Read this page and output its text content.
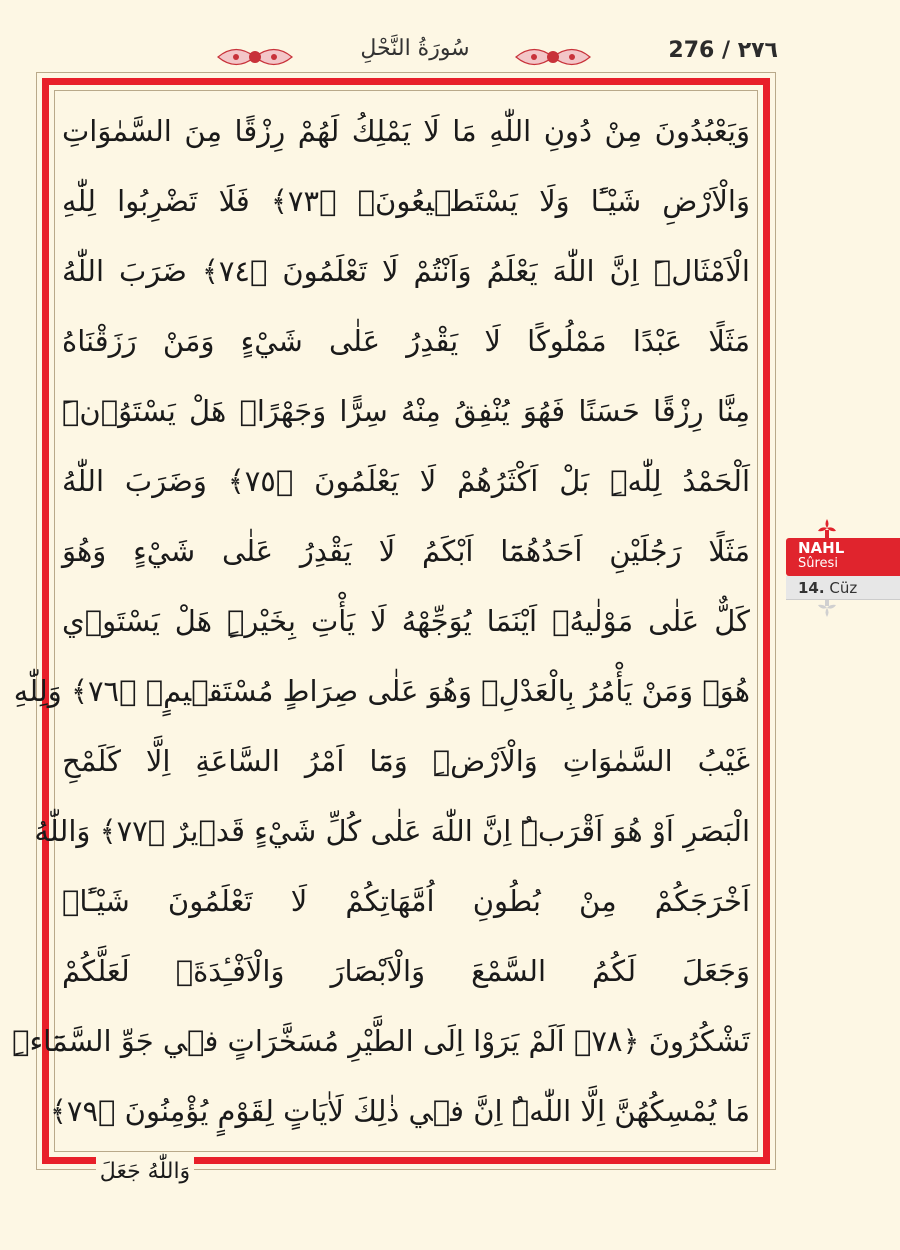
سُورَةُ النَّحْلِ	276 / ٢٧٦
وَيَعْبُدُونَ مِنْ دُونِ اللّٰهِ مَا لَا يَمْلِكُ لَهُمْ رِزْقًا مِنَ السَّمٰوَاتِ
وَالْاَرْضِ شَيْـًٔا وَلَا يَسْتَط۪يعُونَۚ ﴿٧٣﴾ فَلَا تَضْرِبُوا لِلّٰهِ
الْاَمْثَالَۜ اِنَّ اللّٰهَ يَعْلَمُ وَاَنْتُمْ لَا تَعْلَمُونَ ﴿٧٤﴾ ضَرَبَ اللّٰهُ
مَثَلًا عَبْدًا مَمْلُوكًا لَا يَقْدِرُ عَلٰى شَيْءٍ وَمَنْ رَزَقْنَاهُ
مِنَّا رِزْقًا حَسَنًا فَهُوَ يُنْفِقُ مِنْهُ سِرًّا وَجَهْرًاۜ هَلْ يَسْتَوُ۫نَۜ
اَلْحَمْدُ لِلّٰهِۜ بَلْ اَكْثَرُهُمْ لَا يَعْلَمُونَ ﴿٧٥﴾ وَضَرَبَ اللّٰهُ
مَثَلًا رَجُلَيْنِ اَحَدُهُمَٓا اَبْكَمُ لَا يَقْدِرُ عَلٰى شَيْءٍ وَهُوَ
كَلٌّ عَلٰى مَوْلٰيهُۙ اَيْنَمَا يُوَجِّهْهُ لَا يَأْتِ بِخَيْرٍۜ هَلْ يَسْتَو۪ي
هُوَۙ وَمَنْ يَأْمُرُ بِالْعَدْلِۙ وَهُوَ عَلٰى صِرَاطٍ مُسْتَق۪يمٍ۟ ﴿٧٦﴾ وَلِلّٰهِ
غَيْبُ السَّمٰوَاتِ وَالْاَرْضِۜ وَمَٓا اَمْرُ السَّاعَةِ اِلَّا كَلَمْحِ
الْبَصَرِ اَوْ هُوَ اَقْرَبُۜ اِنَّ اللّٰهَ عَلٰى كُلِّ شَيْءٍ قَد۪يرٌ ﴿٧٧﴾ وَاللّٰهُ
اَخْرَجَكُمْ مِنْ بُطُونِ اُمَّهَاتِكُمْ لَا تَعْلَمُونَ شَيْـًٔاۙ
وَجَعَلَ لَكُمُ السَّمْعَ وَالْاَبْصَارَ وَالْاَفْـِٔدَةَۙ لَعَلَّكُمْ
تَشْكُرُونَ ﴿٧٨﴾ اَلَمْ يَرَوْا اِلَى الطَّيْرِ مُسَخَّرَاتٍ ف۪ي جَوِّ السَّمَٓاءِۜ
مَا يُمْسِكُهُنَّ اِلَّا اللّٰهُۜ اِنَّ ف۪ي ذٰلِكَ لَاٰيَاتٍ لِقَوْمٍ يُؤْمِنُونَ ﴿٧٩﴾
وَاللّٰهُ جَعَلَ
NAHL
Sûresi
14. Cüz
